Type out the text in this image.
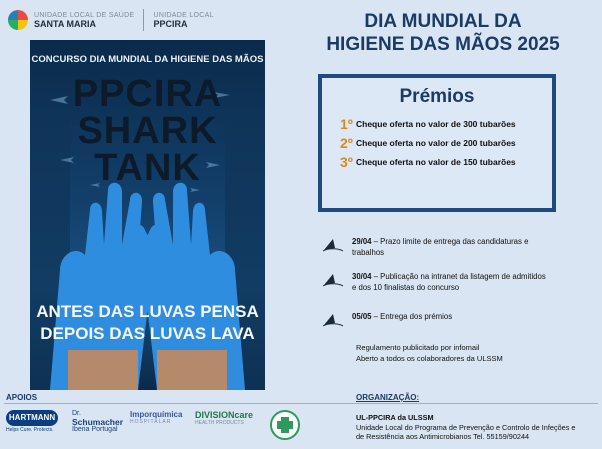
UNIDADE LOCAL DE SAÚDE
SANTA MARIA
UNIDADE LOCAL
PPCIRA
CONCURSO DIA MUNDIAL DA HIGIENE DAS MÃOS
PPCIRA
SHARK
TANK
ANTES DAS LUVAS PENSA
DEPOIS DAS LUVAS LAVA
DIA MUNDIAL DA
HIGIENE DAS MÃOS 2025
Prémios
1º Cheque oferta no valor de 300 tubarões
2º Cheque oferta no valor de 200 tubarões
3º Cheque oferta no valor de 150 tubarões
29/04 – Prazo limite de entrega das candidaturas e trabalhos
30/04 – Publicação na intranet da listagem de admitidos e dos 10 finalistas do concurso
05/05 – Entrega dos prémios
Regulamento publicitado por infomail
Aberto a todos os colaboradores da ULSSM
APOIOS	ORGANIZAÇÃO:
HARTMANN
Helps Cure. Protects.
Dr.
Schumacher
Iberia Portugal
Imporquímica
HOSPITALAR
DIVISIONcare
HEALTH PRODUCTS
UL-PPCIRA da ULSSM
Unidade Local do Programa de Prevenção e Controlo de Infeções e
de Resistência aos Antimicrobianos Tel. 55159/90244
